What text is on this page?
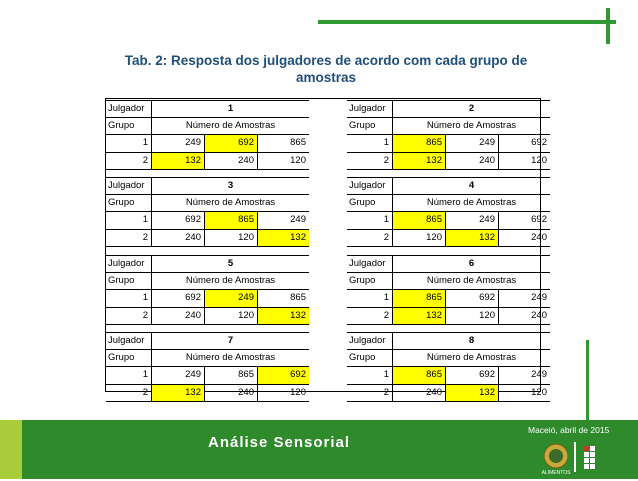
Tab. 2: Resposta dos julgadores de acordo com cada grupo de amostras
Julgador	1
Grupo	Número de Amostras
1	249	692	865
2	132	240	120
Julgador	2
Grupo	Número de Amostras
1	865	249	692
2	132	240	120
Julgador	3
Grupo	Número de Amostras
1	692	865	249
2	240	120	132
Julgador	4
Grupo	Número de Amostras
1	865	249	692
2	120	132	240
Julgador	5
Grupo	Número de Amostras
1	692	249	865
2	240	120	132
Julgador	6
Grupo	Número de Amostras
1	865	692	249
2	132	120	240
Julgador	7
Grupo	Número de Amostras
1	249	865	692
2	132	240	120
Julgador	8
Grupo	Número de Amostras
1	865	692	249
2	240	132	120
Análise Sensorial
Maceió, abril de 2015
ALIMENTOS
